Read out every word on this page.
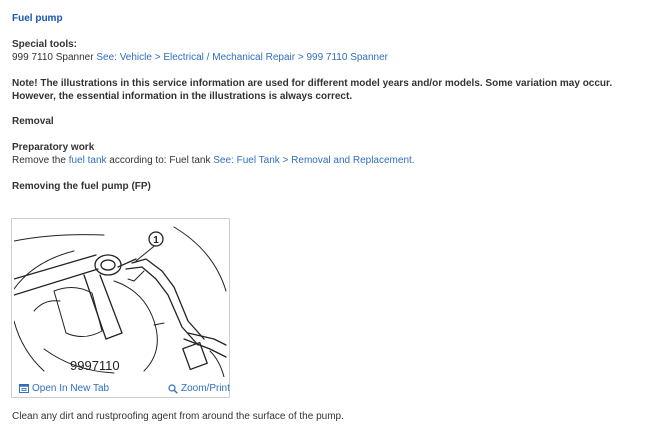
Fuel pump
Special tools:
999 7110 Spanner See: Vehicle > Electrical / Mechanical Repair > 999 7110 Spanner
Note! The illustrations in this service information are used for different model years and/or models. Some variation may occur. However, the essential information in the illustrations is always correct.
Removal
Preparatory work
Remove the fuel tank according to: Fuel tank See: Fuel Tank > Removal and Replacement.
Removing the fuel pump (FP)
1
9997110
Open In New Tab	Zoom/Print
Clean any dirt and rustproofing agent from around the surface of the pump.
